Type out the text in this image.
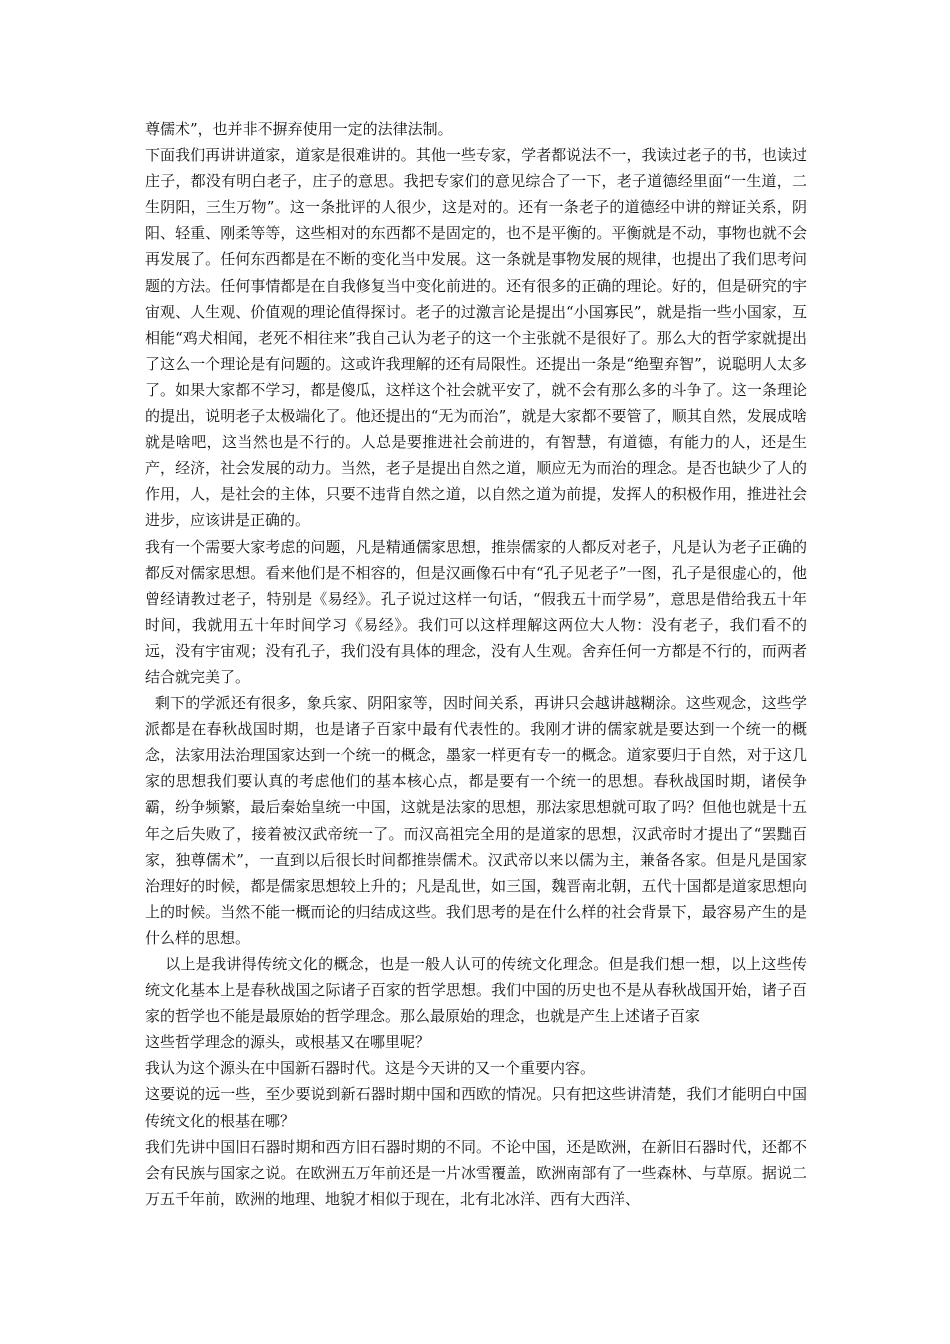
尊儒术”，也并非不摒弃使用一定的法律法制。

下面我们再讲讲道家，道家是很难讲的。其他一些专家，学者都说法不一，我读过老子的书，也读过庄子，都没有明白老子，庄子的意思。我把专家们的意见综合了一下，老子道德经里面“一生道，二生阴阳，三生万物”。这一条批评的人很少，这是对的。还有一条老子的道德经中讲的辩证关系，阴阳、轻重、刚柔等等，这些相对的东西都不是固定的，也不是平衡的。平衡就是不动，事物也就不会再发展了。任何东西都是在不断的变化当中发展。这一条就是事物发展的规律，也提出了我们思考问题的方法。任何事情都是在自我修复当中变化前进的。还有很多的正确的理论。好的，但是研究的宇宙观、人生观、价值观的理论值得探讨。老子的过激言论是提出“小国寡民”，就是指一些小国家，互相能“鸡犬相闻，老死不相往来”我自己认为老子的这一个主张就不是很好了。那么大的哲学家就提出了这么一个理论是有问题的。这或许我理解的还有局限性。还提出一条是“绝聖弃智”，说聪明人太多了。如果大家都不学习，都是傻瓜，这样这个社会就平安了，就不会有那么多的斗争了。这一条理论的提出，说明老子太极端化了。他还提出的“无为而治”，就是大家都不要管了，顺其自然，发展成啥就是啥吧，这当然也是不行的。人总是要推进社会前进的，有智慧，有道德，有能力的人，还是生产，经济，社会发展的动力。当然，老子是提出自然之道，顺应无为而治的理念。是否也缺少了人的作用，人，是社会的主体，只要不违背自然之道，以自然之道为前提，发挥人的积极作用，推进社会进步，应该讲是正确的。

我有一个需要大家考虑的问题，凡是精通儒家思想，推崇儒家的人都反对老子，凡是认为老子正确的都反对儒家思想。看来他们是不相容的，但是汉画像石中有“孔子见老子”一图，孔子是很虚心的，他曾经请教过老子，特别是《易经》。孔子说过这样一句话，“假我五十而学易”，意思是借给我五十年时间，我就用五十年时间学习《易经》。我们可以这样理解这两位大人物：没有老子，我们看不的远，没有宇宙观；没有孔子，我们没有具体的理念，没有人生观。舍弃任何一方都是不行的，而两者结合就完美了。

剩下的学派还有很多，象兵家、阴阳家等，因时间关系，再讲只会越讲越糊涂。这些观念，这些学派都是在春秋战国时期，也是诸子百家中最有代表性的。我刚才讲的儒家就是要达到一个统一的概念，法家用法治理国家达到一个统一的概念，墨家一样更有专一的概念。道家要归于自然，对于这几家的思想我们要认真的考虑他们的基本核心点，都是要有一个统一的思想。春秋战国时期，诸侯争霸，纷争频繁，最后秦始皇统一中国，这就是法家的思想，那法家思想就可取了吗？但他也就是十五年之后失败了，接着被汉武帝统一了。而汉高祖完全用的是道家的思想，汉武帝时才提出了“罢黜百家，独尊儒术”，一直到以后很长时间都推崇儒术。汉武帝以来以儒为主，兼备各家。但是凡是国家治理好的时候，都是儒家思想较上升的；凡是乱世，如三国，魏晋南北朝，五代十国都是道家思想向上的时候。当然不能一概而论的归结成这些。我们思考的是在什么样的社会背景下，最容易产生的是什么样的思想。

以上是我讲得传统文化的概念，也是一般人认可的传统文化理念。但是我们想一想，以上这些传统文化基本上是春秋战国之际诸子百家的哲学思想。我们中国的历史也不是从春秋战国开始，诸子百家的哲学也不能是最原始的哲学理念。那么最原始的理念，也就是产生上述诸子百家

这些哲学理念的源头，或根基又在哪里呢？

我认为这个源头在中国新石器时代。这是今天讲的又一个重要内容。

这要说的远一些，至少要说到新石器时期中国和西欧的情况。只有把这些讲清楚，我们才能明白中国传统文化的根基在哪？

我们先讲中国旧石器时期和西方旧石器时期的不同。不论中国，还是欧洲，在新旧石器时代，还都不会有民族与国家之说。在欧洲五万年前还是一片冰雪覆盖，欧洲南部有了一些森林、与草原。据说二万五千年前，欧洲的地理、地貌才相似于现在，北有北冰洋、西有大西洋、
